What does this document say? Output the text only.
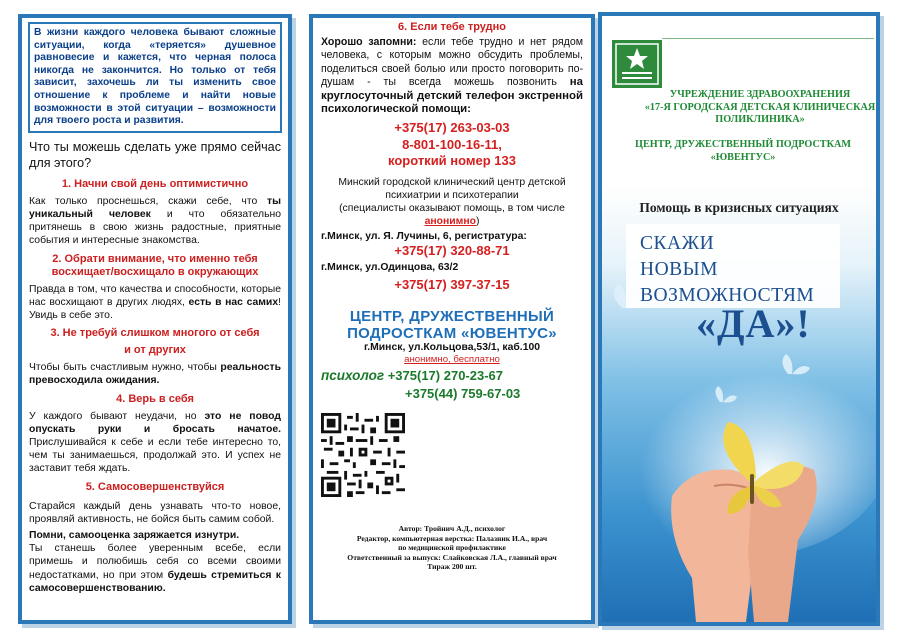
В жизни каждого человека бывают сложные ситуации, когда «теряется» душевное равновесие и кажется, что черная полоса никогда не закончится. Но только от тебя зависит, захочешь ли ты изменить свое отношение к проблеме и найти новые возможности в этой ситуации – возможности для твоего роста и развития.
Что ты можешь сделать уже прямо сейчас для этого?
1. Начни свой день оптимистично
Как только проснешься, скажи себе, что ты уникальный человек и что обязательно притянешь в свою жизнь радостные, приятные события и интересные знакомства.
2. Обрати внимание, что именно тебя восхищает/восхищало в окружающих
Правда в том, что качества и способности, которые нас восхищают в других людях, есть в нас самих! Увидь в себе это.
3. Не требуй слишком многого от себя
и от других
Чтобы быть счастливым нужно, чтобы реальность превосходила ожидания.
4. Верь в себя
У каждого бывают неудачи, но это не повод опускать руки и бросать начатое. Прислушивайся к себе и если тебе интересно то, чем ты занимаешься, продолжай это. И успех не заставит тебя ждать.
5. Самосовершенствуйся
Старайся каждый день узнавать что-то новое, проявляй активность, не бойся быть самим собой.
Помни, самооценка заряжается изнутри.
Ты станешь более уверенным всебе, если примешь и полюбишь себя со всеми своими недостатками, но при этом будешь стремиться к самосовершенствованию.
6. Если тебе трудно
Хорошо запомни: если тебе трудно и нет рядом человека, с которым можно обсудить проблемы, поделиться своей болью или просто поговорить по-душам - ты всегда можешь позвонить на круглосуточный детский телефон экстренной психологической помощи:
+375(17) 263-03-03
8-801-100-16-11,
короткий номер 133
Минский городской клинический центр детской психиатрии и психотерапии
(специалисты оказывают помощь, в том числе анонимно)
г.Минск, ул. Я. Лучины, 6, регистратура:
+375(17) 320-88-71
г.Минск, ул.Одинцова, 63/2
+375(17) 397-37-15
ЦЕНТР, ДРУЖЕСТВЕННЫЙ ПОДРОСТКАМ «ЮВЕНТУС»
г.Минск, ул.Кольцова,53/1, каб.100
анонимно, бесплатно
психолог +375(17) 270-23-67
+375(44) 759-67-03
Автор: Тройнич А.Д., психолог
Редактор, компьютерная верстка: Палазник И.А., врач
по медицинской профилактике
Ответственный за выпуск: Слайковская Л.А., главный врач
Тираж 200 шт.
УЧРЕЖДЕНИЕ ЗДРАВООХРАНЕНИЯ
«17-Я ГОРОДСКАЯ ДЕТСКАЯ КЛИНИЧЕСКАЯ
ПОЛИКЛИНИКА»
ЦЕНТР, ДРУЖЕСТВЕННЫЙ ПОДРОСТКАМ
«ЮВЕНТУС»
Помощь в кризисных ситуациях
СКАЖИ
НОВЫМ
ВОЗМОЖНОСТЯМ
«ДА»!
